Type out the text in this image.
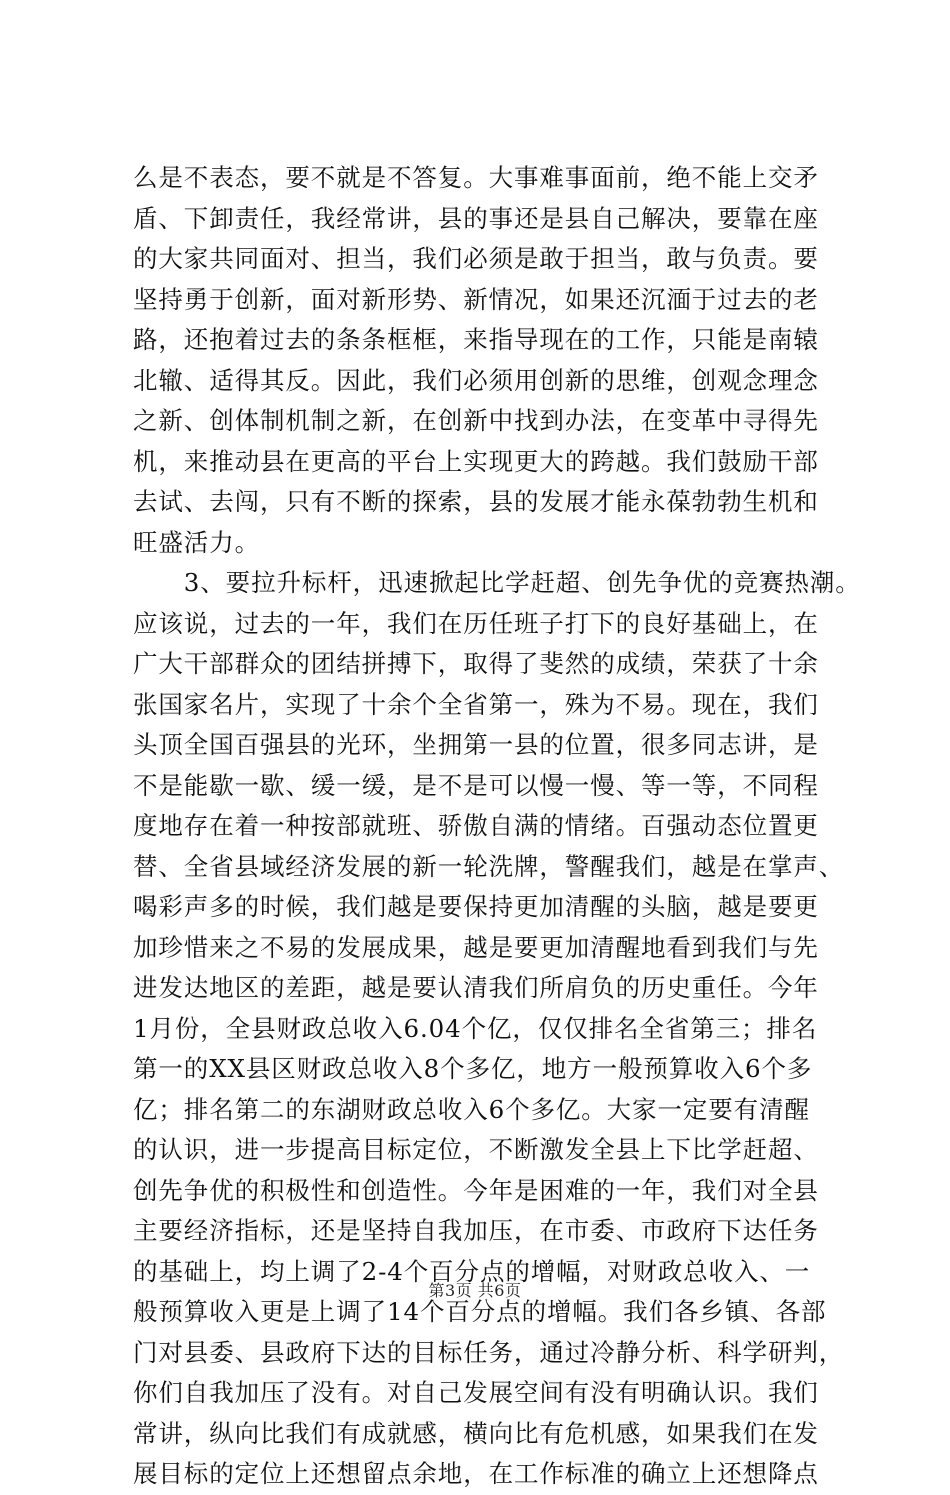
么是不表态，要不就是不答复。大事难事面前，绝不能上交矛
盾、下卸责任，我经常讲，县的事还是县自己解决，要靠在座
的大家共同面对、担当，我们必须是敢于担当，敢与负责。要
坚持勇于创新，面对新形势、新情况，如果还沉湎于过去的老
路，还抱着过去的条条框框，来指导现在的工作，只能是南辕
北辙、适得其反。因此，我们必须用创新的思维，创观念理念
之新、创体制机制之新，在创新中找到办法，在变革中寻得先
机，来推动县在更高的平台上实现更大的跨越。我们鼓励干部
去试、去闯，只有不断的探索，县的发展才能永葆勃勃生机和
旺盛活力。
　　3、要拉升标杆，迅速掀起比学赶超、创先争优的竞赛热潮。
应该说，过去的一年，我们在历任班子打下的良好基础上，在
广大干部群众的团结拼搏下，取得了斐然的成绩，荣获了十余
张国家名片，实现了十余个全省第一，殊为不易。现在，我们
头顶全国百强县的光环，坐拥第一县的位置，很多同志讲，是
不是能歇一歇、缓一缓，是不是可以慢一慢、等一等，不同程
度地存在着一种按部就班、骄傲自满的情绪。百强动态位置更
替、全省县域经济发展的新一轮洗牌，警醒我们，越是在掌声、
喝彩声多的时候，我们越是要保持更加清醒的头脑，越是要更
加珍惜来之不易的发展成果，越是要更加清醒地看到我们与先
进发达地区的差距，越是要认清我们所肩负的历史重任。今年
1月份，全县财政总收入6.04个亿，仅仅排名全省第三；排名
第一的XX县区财政总收入8个多亿，地方一般预算收入6个多
亿；排名第二的东湖财政总收入6个多亿。大家一定要有清醒
的认识，进一步提高目标定位，不断激发全县上下比学赶超、
创先争优的积极性和创造性。今年是困难的一年，我们对全县
主要经济指标，还是坚持自我加压，在市委、市政府下达任务
的基础上，均上调了2-4个百分点的增幅，对财政总收入、一
般预算收入更是上调了14个百分点的增幅。我们各乡镇、各部
门对县委、县政府下达的目标任务，通过冷静分析、科学研判，
你们自我加压了没有。对自己发展空间有没有明确认识。我们
常讲，纵向比我们有成就感，横向比有危机感，如果我们在发
展目标的定位上还想留点余地，在工作标准的确立上还想降点
第3页 共6页
